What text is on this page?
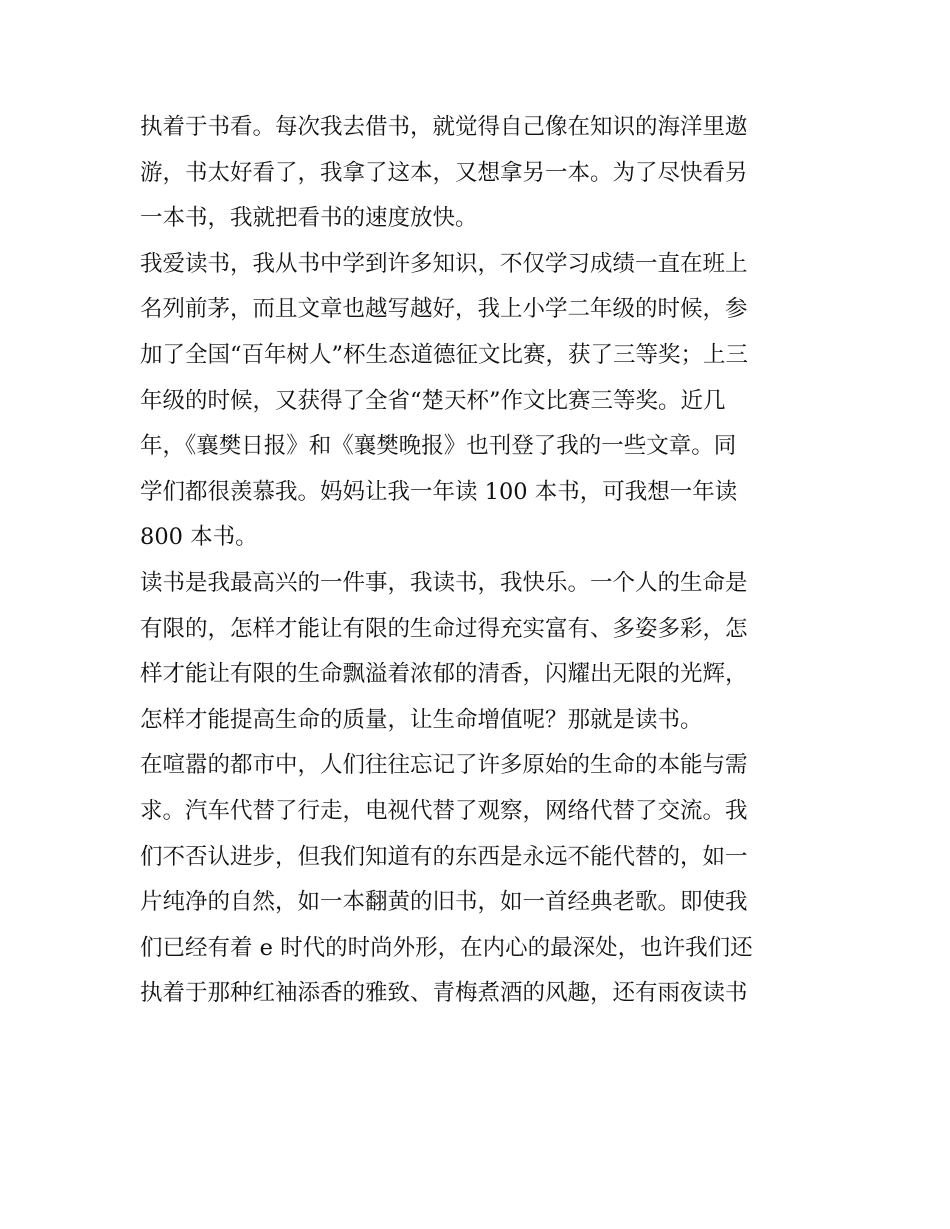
执着于书看。每次我去借书，就觉得自己像在知识的海洋里遨
游，书太好看了，我拿了这本，又想拿另一本。为了尽快看另
一本书，我就把看书的速度放快。
我爱读书，我从书中学到许多知识，不仅学习成绩一直在班上
名列前茅，而且文章也越写越好，我上小学二年级的时候，参
加了全国“百年树人”杯生态道德征文比赛，获了三等奖；上三
年级的时候，又获得了全省“楚天杯”作文比赛三等奖。近几
年，《襄樊日报》和《襄樊晚报》也刊登了我的一些文章。同
学们都很羡慕我。妈妈让我一年读 100 本书，可我想一年读
800 本书。
读书是我最高兴的一件事，我读书，我快乐。一个人的生命是
有限的，怎样才能让有限的生命过得充实富有、多姿多彩，怎
样才能让有限的生命飘溢着浓郁的清香，闪耀出无限的光辉，
怎样才能提高生命的质量，让生命增值呢？那就是读书。
在喧嚣的都市中，人们往往忘记了许多原始的生命的本能与需
求。汽车代替了行走，电视代替了观察，网络代替了交流。我
们不否认进步，但我们知道有的东西是永远不能代替的，如一
片纯净的自然，如一本翻黄的旧书，如一首经典老歌。即使我
们已经有着 e 时代的时尚外形，在内心的最深处，也许我们还
执着于那种红袖添香的雅致、青梅煮酒的风趣，还有雨夜读书
